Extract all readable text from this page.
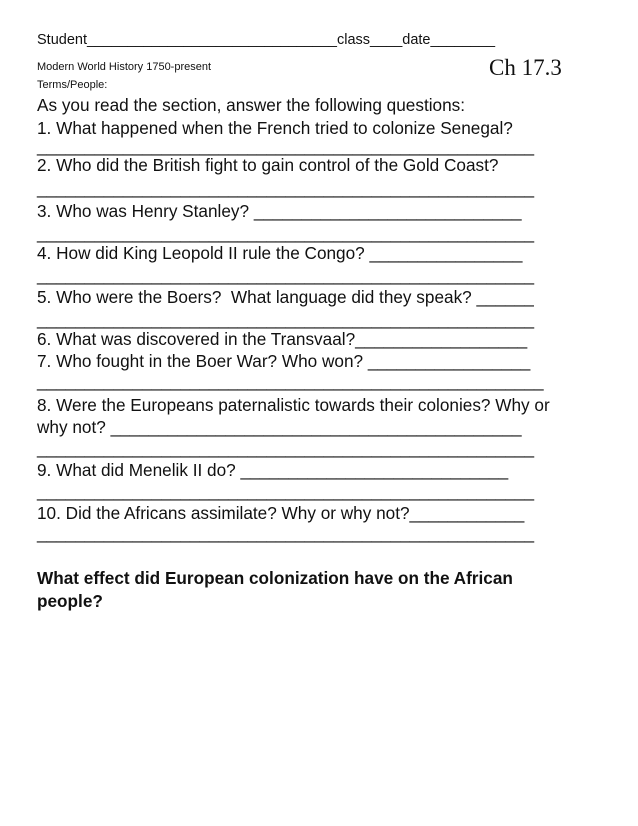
Student_______________________________class____date________
Modern World History 1750-present	Ch 17.3
Terms/People:
As you read the section, answer the following questions:
1. What happened when the French tried to colonize Senegal?
____________________________________________________
2. Who did the British fight to gain control of the Gold Coast?
____________________________________________________
3. Who was Henry Stanley? ____________________________
____________________________________________________
4. How did King Leopold II rule the Congo? ________________
____________________________________________________
5. Who were the Boers?  What language did they speak? ______
____________________________________________________
6. What was discovered in the Transvaal?__________________
7. Who fought in the Boer War? Who won? _________________
_____________________________________________________
8. Were the Europeans paternalistic towards their colonies? Why or
why not? ___________________________________________
____________________________________________________
9. What did Menelik II do? ____________________________
____________________________________________________
10. Did the Africans assimilate? Why or why not?____________
____________________________________________________
What effect did European colonization have on the African
people?
